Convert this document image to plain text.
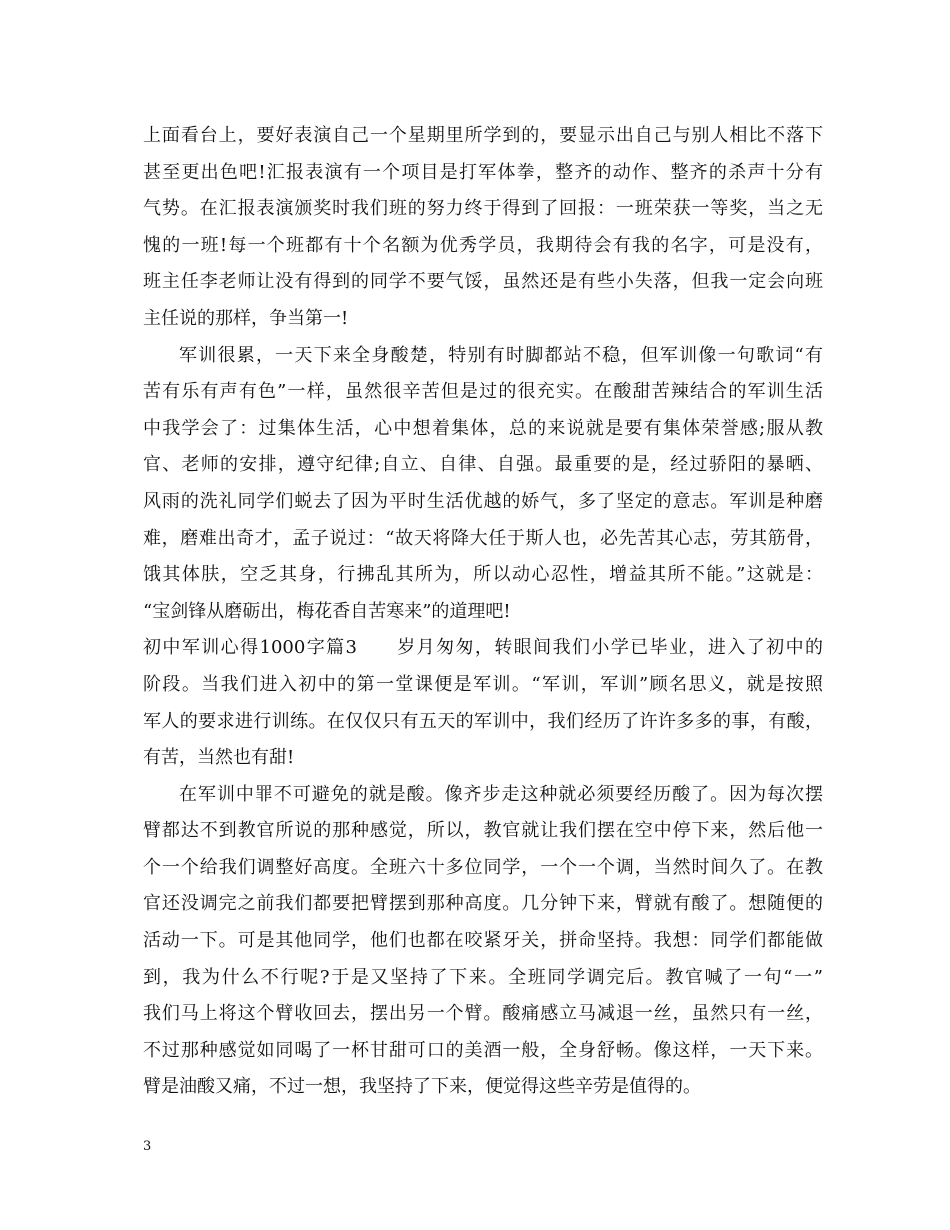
上面看台上，要好表演自己一个星期里所学到的，要显示出自己与别人相比不落下
甚至更出色吧!汇报表演有一个项目是打军体拳，整齐的动作、整齐的杀声十分有
气势。在汇报表演颁奖时我们班的努力终于得到了回报：一班荣获一等奖，当之无
愧的一班!每一个班都有十个名额为优秀学员，我期待会有我的名字，可是没有，
班主任李老师让没有得到的同学不要气馁，虽然还是有些小失落，但我一定会向班
主任说的那样，争当第一!
军训很累，一天下来全身酸楚，特别有时脚都站不稳，但军训像一句歌词“有
苦有乐有声有色”一样，虽然很辛苦但是过的很充实。在酸甜苦辣结合的军训生活
中我学会了：过集体生活，心中想着集体，总的来说就是要有集体荣誉感;服从教
官、老师的安排，遵守纪律;自立、自律、自强。最重要的是，经过骄阳的暴晒、
风雨的洗礼同学们蜕去了因为平时生活优越的娇气，多了坚定的意志。军训是种磨
难，磨难出奇才，孟子说过：“故天将降大任于斯人也，必先苦其心志，劳其筋骨，
饿其体肤，空乏其身，行拂乱其所为，所以动心忍性，增益其所不能。”这就是：
“宝剑锋从磨砺出，梅花香自苦寒来”的道理吧!
初中军训心得1000字篇3　　岁月匆匆，转眼间我们小学已毕业，进入了初中的
阶段。当我们进入初中的第一堂课便是军训。“军训，军训”顾名思义，就是按照
军人的要求进行训练。在仅仅只有五天的军训中，我们经历了许许多多的事，有酸，
有苦，当然也有甜!
在军训中罪不可避免的就是酸。像齐步走这种就必须要经历酸了。因为每次摆
臂都达不到教官所说的那种感觉，所以，教官就让我们摆在空中停下来，然后他一
个一个给我们调整好高度。全班六十多位同学，一个一个调，当然时间久了。在教
官还没调完之前我们都要把臂摆到那种高度。几分钟下来，臂就有酸了。想随便的
活动一下。可是其他同学，他们也都在咬紧牙关，拼命坚持。我想：同学们都能做
到，我为什么不行呢?于是又坚持了下来。全班同学调完后。教官喊了一句“一”
我们马上将这个臂收回去，摆出另一个臂。酸痛感立马减退一丝，虽然只有一丝，
不过那种感觉如同喝了一杯甘甜可口的美酒一般，全身舒畅。像这样，一天下来。
臂是油酸又痛，不过一想，我坚持了下来，便觉得这些辛劳是值得的。
3
